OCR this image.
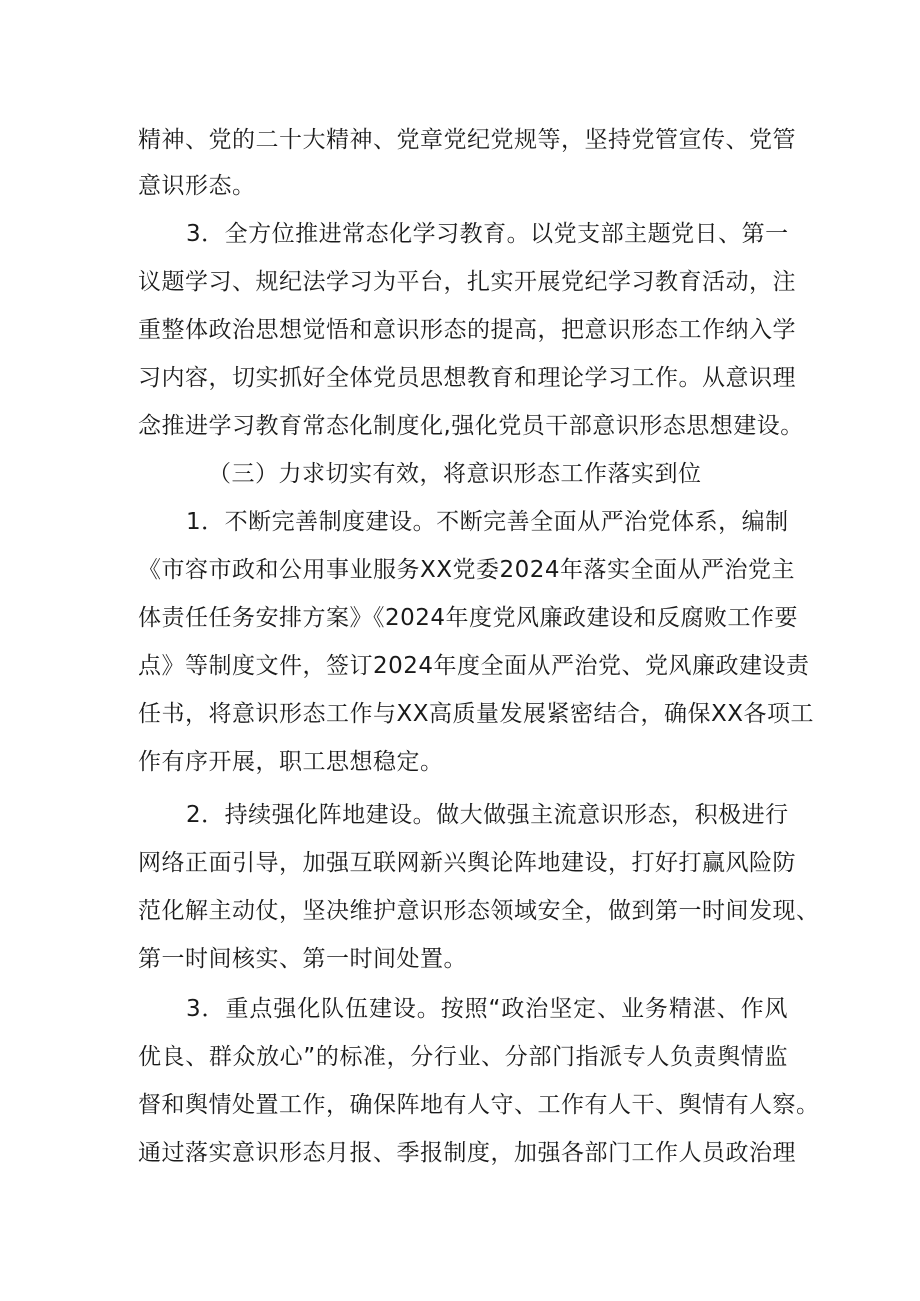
精神、党的二十大精神、党章党纪党规等，坚持党管宣传、党管
意识形态。
3．全方位推进常态化学习教育。以党支部主题党日、第一
议题学习、规纪法学习为平台，扎实开展党纪学习教育活动，注
重整体政治思想觉悟和意识形态的提高，把意识形态工作纳入学
习内容，切实抓好全体党员思想教育和理论学习工作。从意识理
念推进学习教育常态化制度化,强化党员干部意识形态思想建设。
（三）力求切实有效，将意识形态工作落实到位
1．不断完善制度建设。不断完善全面从严治党体系，编制
《市容市政和公用事业服务XX党委2024年落实全面从严治党主
体责任任务安排方案》《2024年度党风廉政建设和反腐败工作要
点》等制度文件，签订2024年度全面从严治党、党风廉政建设责
任书，将意识形态工作与XX高质量发展紧密结合，确保XX各项工
作有序开展，职工思想稳定。
2．持续强化阵地建设。做大做强主流意识形态，积极进行
网络正面引导，加强互联网新兴舆论阵地建设，打好打赢风险防
范化解主动仗，坚决维护意识形态领域安全，做到第一时间发现、
第一时间核实、第一时间处置。
3．重点强化队伍建设。按照“政治坚定、业务精湛、作风
优良、群众放心”的标准，分行业、分部门指派专人负责舆情监
督和舆情处置工作，确保阵地有人守、工作有人干、舆情有人察。
通过落实意识形态月报、季报制度，加强各部门工作人员政治理
